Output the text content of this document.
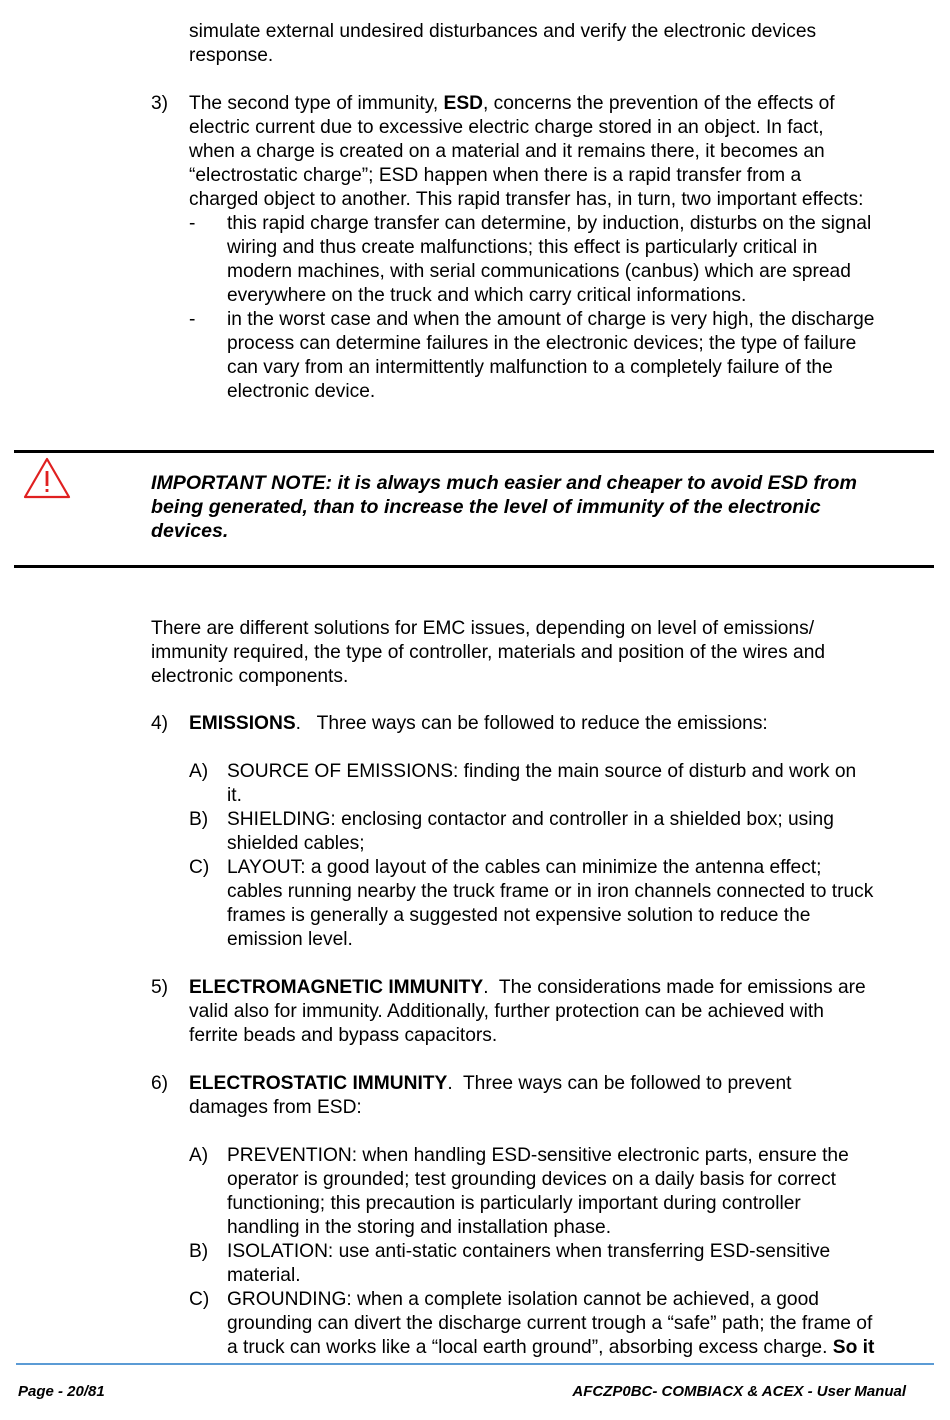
simulate external undesired disturbances and verify the electronic devices
response.
3) The second type of immunity, ESD, concerns the prevention of the effects of
electric current due to excessive electric charge stored in an object. In fact,
when a charge is created on a material and it remains there, it becomes an
“electrostatic charge”; ESD happen when there is a rapid transfer from a
charged object to another. This rapid transfer has, in turn, two important effects:
- this rapid charge transfer can determine, by induction, disturbs on the signal
wiring and thus create malfunctions; this effect is particularly critical in
modern machines, with serial communications (canbus) which are spread
everywhere on the truck and which carry critical informations.
- in the worst case and when the amount of charge is very high, the discharge
process can determine failures in the electronic devices; the type of failure
can vary from an intermittently malfunction to a completely failure of the
electronic device.
IMPORTANT NOTE: it is always much easier and cheaper to avoid ESD from
being generated, than to increase the level of immunity of the electronic
devices.
There are different solutions for EMC issues, depending on level of emissions/
immunity required, the type of controller, materials and position of the wires and
electronic components.
4) EMISSIONS.   Three ways can be followed to reduce the emissions:
A) SOURCE OF EMISSIONS: finding the main source of disturb and work on
it.
B) SHIELDING: enclosing contactor and controller in a shielded box; using
shielded cables;
C) LAYOUT: a good layout of the cables can minimize the antenna effect;
cables running nearby the truck frame or in iron channels connected to truck
frames is generally a suggested not expensive solution to reduce the
emission level.
5) ELECTROMAGNETIC IMMUNITY.  The considerations made for emissions are
valid also for immunity. Additionally, further protection can be achieved with
ferrite beads and bypass capacitors.
6) ELECTROSTATIC IMMUNITY.  Three ways can be followed to prevent
damages from ESD:
A) PREVENTION: when handling ESD-sensitive electronic parts, ensure the
operator is grounded; test grounding devices on a daily basis for correct
functioning; this precaution is particularly important during controller
handling in the storing and installation phase.
B) ISOLATION: use anti-static containers when transferring ESD-sensitive
material.
C) GROUNDING: when a complete isolation cannot be achieved, a good
grounding can divert the discharge current trough a “safe” path; the frame of
a truck can works like a “local earth ground”, absorbing excess charge. So it
Page - 20/81	AFCZP0BC- COMBIACX & ACEX - User Manual
